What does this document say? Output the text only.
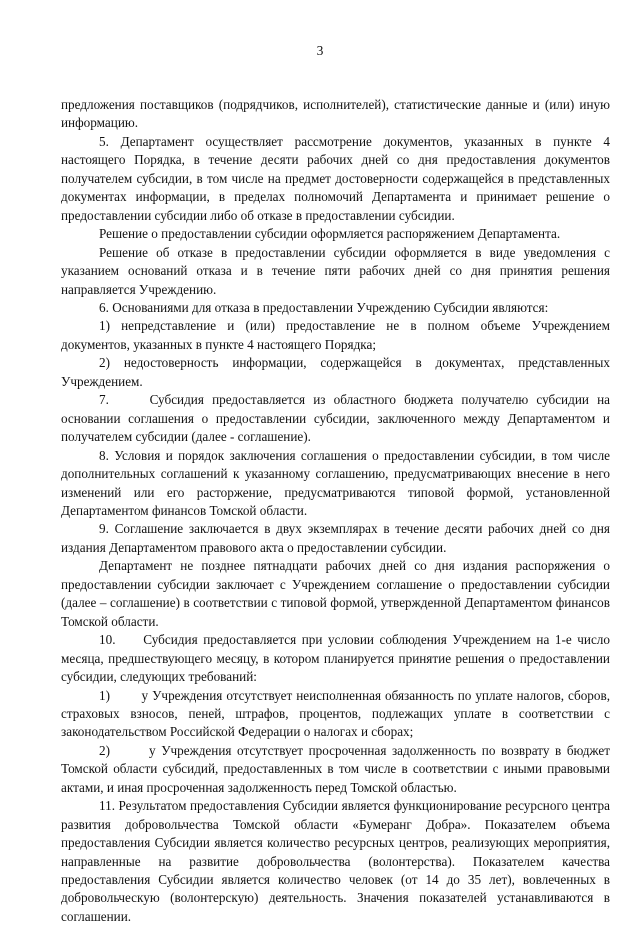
3

предложения поставщиков (подрядчиков, исполнителей), статистические данные и (или) иную информацию.

5. Департамент осуществляет рассмотрение документов, указанных в пункте 4 настоящего Порядка, в течение десяти рабочих дней со дня предоставления документов получателем субсидии, в том числе на предмет достоверности содержащейся в представленных документах информации, в пределах полномочий Департамента и принимает решение о предоставлении субсидии либо об отказе в предоставлении субсидии.

Решение о предоставлении субсидии оформляется распоряжением Департамента.

Решение об отказе в предоставлении субсидии оформляется в виде уведомления с указанием оснований отказа и в течение пяти рабочих дней со дня принятия решения направляется Учреждению.

6. Основаниями для отказа в предоставлении Учреждению Субсидии являются:

1) непредставление и (или) предоставление не в полном объеме Учреждением документов, указанных в пункте 4 настоящего Порядка;

2) недостоверность информации, содержащейся в документах, представленных Учреждением.

7.     Субсидия предоставляется из областного бюджета получателю субсидии на основании соглашения о предоставлении субсидии, заключенного между Департаментом и получателем субсидии (далее - соглашение).

8. Условия и порядок заключения соглашения о предоставлении субсидии, в том числе дополнительных соглашений к указанному соглашению, предусматривающих внесение в него изменений или его расторжение, предусматриваются типовой формой, установленной Департаментом финансов Томской области.

9. Соглашение заключается в двух экземплярах в течение десяти рабочих дней со дня издания Департаментом правового акта о предоставлении субсидии.

Департамент не позднее пятнадцати рабочих дней со дня издания распоряжения о предоставлении субсидии заключает с Учреждением соглашение о предоставлении субсидии (далее – соглашение) в соответствии с типовой формой, утвержденной Департаментом финансов Томской области.

10.     Субсидия предоставляется при условии соблюдения Учреждением на 1-е число месяца, предшествующего месяцу, в котором планируется принятие решения о предоставлении субсидии, следующих требований:

1)        у Учреждения отсутствует неисполненная обязанность по уплате налогов, сборов, страховых взносов, пеней, штрафов, процентов, подлежащих уплате в соответствии с законодательством Российской Федерации о налогах и сборах;

2)       у Учреждения отсутствует просроченная задолженность по возврату в бюджет Томской области субсидий, предоставленных в том числе в соответствии с иными правовыми актами, и иная просроченная задолженность перед Томской областью.

11. Результатом предоставления Субсидии является функционирование ресурсного центра развития добровольчества Томской области «Бумеранг Добра». Показателем объема предоставления Субсидии является количество ресурсных центров, реализующих мероприятия, направленные на развитие добровольчества (волонтерства). Показателем качества предоставления Субсидии является количество человек (от 14 до 35 лет), вовлеченных в добровольческую (волонтерскую) деятельность. Значения показателей устанавливаются в соглашении.
